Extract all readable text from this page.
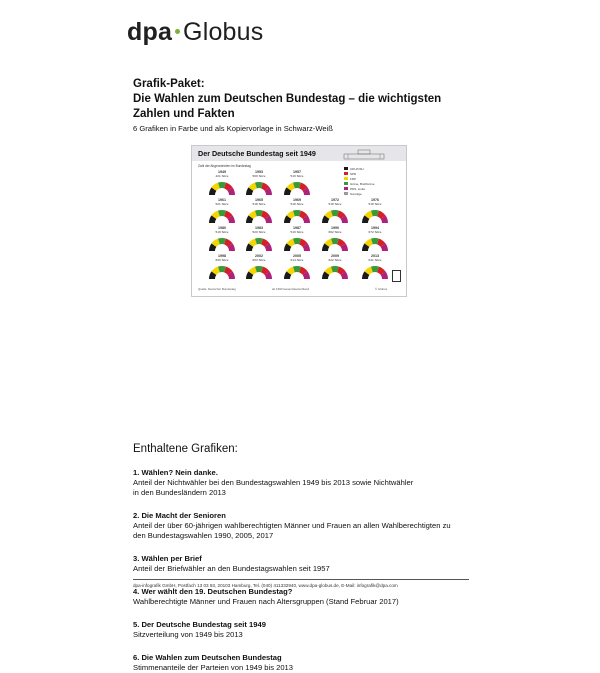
dpa Globus
Grafik-Paket:
Die Wahlen zum Deutschen Bundestag – die wichtigsten
Zahlen und Fakten
6 Grafiken in Farbe und als Kopiervorlage in Schwarz-Weiß
Der Deutsche Bundestag seit 1949
Zahl der Abgeordneten im Bundestag
CDU/CSU
SPD
FDP
Grüne, Bnd/Grüne
PDS, Linke
Sonstige
1949
421 Sitze
1953
509 Sitze
1957
519 Sitze
1961
521 Sitze
1965
518 Sitze
1969
518 Sitze
1972
518 Sitze
1976
518 Sitze
1980
519 Sitze
1983
520 Sitze
1987
519 Sitze
1990
662 Sitze
1994
672 Sitze
1998
669 Sitze
2002
603 Sitze
2005
614 Sitze
2009
622 Sitze
2013
631 Sitze
Quelle: Deutscher Bundestag	ab 1990 Gesamtdeutschland	© Globus
Enthaltene Grafiken:
1. Wählen? Nein danke.
Anteil der Nichtwähler bei den Bundestagswahlen 1949 bis 2013 sowie Nichtwähler
in den Bundesländern 2013
2. Die Macht der Senioren
Anteil der über 60-jährigen wahlberechtigten Männer und Frauen an allen Wahlberechtigten zu
den Bundestagswahlen 1990, 2005, 2017
3. Wählen per Brief
Anteil der Briefwähler an den Bundestagswahlen seit 1957
4. Wer wählt den 19. Deutschen Bundestag?
Wahlberechtigte Männer und Frauen nach Altersgruppen (Stand Februar 2017)
5. Der Deutsche Bundestag seit 1949
Sitzverteilung von 1949 bis 2013
6. Die Wahlen zum Deutschen Bundestag
Stimmenanteile der Parteien von 1949 bis 2013
dpa-infografik GmbH, Postfach 13 03 93, 20103 Hamburg, Tel. (040) 411332940, www.dpa-globus.de, E-Mail: infografik@dpa.com
